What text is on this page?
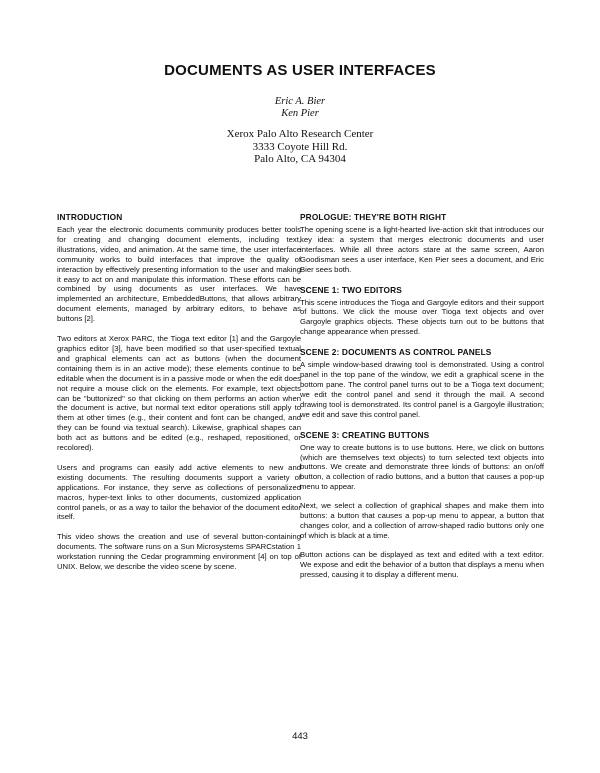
DOCUMENTS AS USER INTERFACES
Eric A. Bier
Ken Pier
Xerox Palo Alto Research Center
3333 Coyote Hill Rd.
Palo Alto, CA 94304
INTRODUCTION

Each year the electronic documents community produces better tools for creating and changing document elements, including text, illustrations, video, and animation. At the same time, the user interface community works to build interfaces that improve the quality of interaction by effectively presenting information to the user and making it easy to act on and manipulate this information. These efforts can be combined by using documents as user interfaces. We have implemented an architecture, EmbeddedButtons, that allows arbitrary document elements, managed by arbitrary editors, to behave as buttons [2].

Two editors at Xerox PARC, the Tioga text editor [1] and the Gargoyle graphics editor [3], have been modified so that user-specified textual and graphical elements can act as buttons (when the document containing them is in an active mode); these elements continue to be editable when the document is in a passive mode or when the edit does not require a mouse click on the elements. For example, text objects can be "buttonized" so that clicking on them performs an action when the document is active, but normal text editor operations still apply to them at other times (e.g., their content and font can be changed, and they can be found via textual search). Likewise, graphical shapes can both act as buttons and be edited (e.g., reshaped, repositioned, or recolored).

Users and programs can easily add active elements to new and existing documents. The resulting documents support a variety of applications. For instance, they serve as collections of personalized macros, hyper-text links to other documents, customized application control panels, or as a way to tailor the behavior of the document editor itself.

This video shows the creation and use of several button-containing documents. The software runs on a Sun Microsystems SPARCstation 1 workstation running the Cedar programming environment [4] on top of UNIX. Below, we describe the video scene by scene.

PROLOGUE: THEY'RE BOTH RIGHT

The opening scene is a light-hearted live-action skit that introduces our key idea: a system that merges electronic documents and user interfaces. While all three actors stare at the same screen, Aaron Goodisman sees a user interface, Ken Pier sees a document, and Eric Bier sees both.

SCENE 1: TWO EDITORS

This scene introduces the Tioga and Gargoyle editors and their support of buttons. We click the mouse over Tioga text objects and over Gargoyle graphics objects. These objects turn out to be buttons that change appearance when pressed.

SCENE 2: DOCUMENTS AS CONTROL PANELS

A simple window-based drawing tool is demonstrated. Using a control panel in the top pane of the window, we edit a graphical scene in the bottom pane. The control panel turns out to be a Tioga text document; we edit the control panel and send it through the mail. A second drawing tool is demonstrated. Its control panel is a Gargoyle illustration; we edit and save this control panel.

SCENE 3: CREATING BUTTONS

One way to create buttons is to use buttons. Here, we click on buttons (which are themselves text objects) to turn selected text objects into buttons. We create and demonstrate three kinds of buttons: an on/off button, a collection of radio buttons, and a button that causes a pop-up menu to appear.

Next, we select a collection of graphical shapes and make them into buttons: a button that causes a pop-up menu to appear, a button that changes color, and a collection of arrow-shaped radio buttons only one of which is black at a time.

Button actions can be displayed as text and edited with a text editor. We expose and edit the behavior of a button that displays a menu when pressed, causing it to display a different menu.

443
